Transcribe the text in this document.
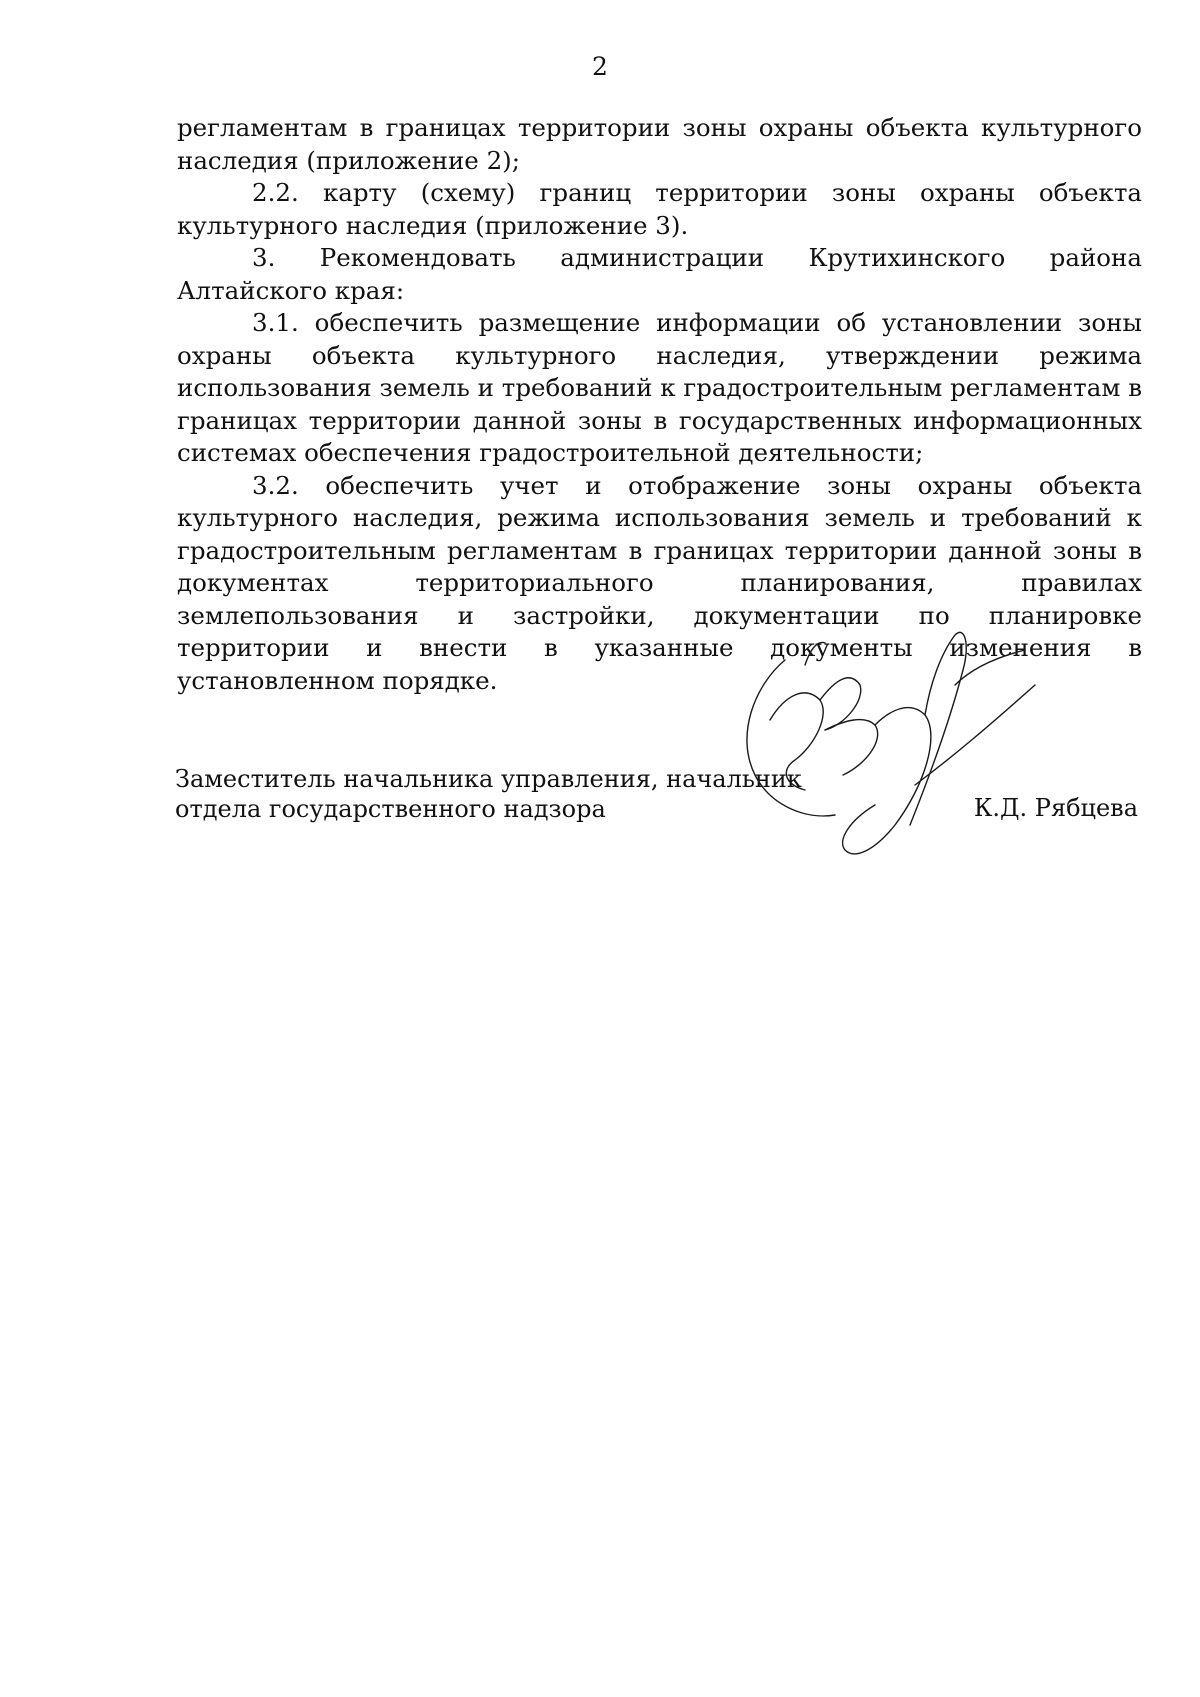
2

регламентам в границах территории зоны охраны объекта культурного наследия (приложение 2);

2.2. карту (схему) границ территории зоны охраны объекта культурного наследия (приложение 3).

3. Рекомендовать администрации Крутихинского района Алтайского края:

3.1. обеспечить размещение информации об установлении зоны охраны объекта культурного наследия, утверждении режима использования земель и требований к градостроительным регламентам в границах территории данной зоны в государственных информационных системах обеспечения градостроительной деятельности;

3.2. обеспечить учет и отображение зоны охраны объекта культурного наследия, режима использования земель и требований к градостроительным регламентам в границах территории данной зоны в документах территориального планирования, правилах землепользования и застройки, документации по планировке территории и внести в указанные документы изменения в установленном порядке.

Заместитель начальника управления, начальник
отдела государственного надзора	К.Д. Рябцева
